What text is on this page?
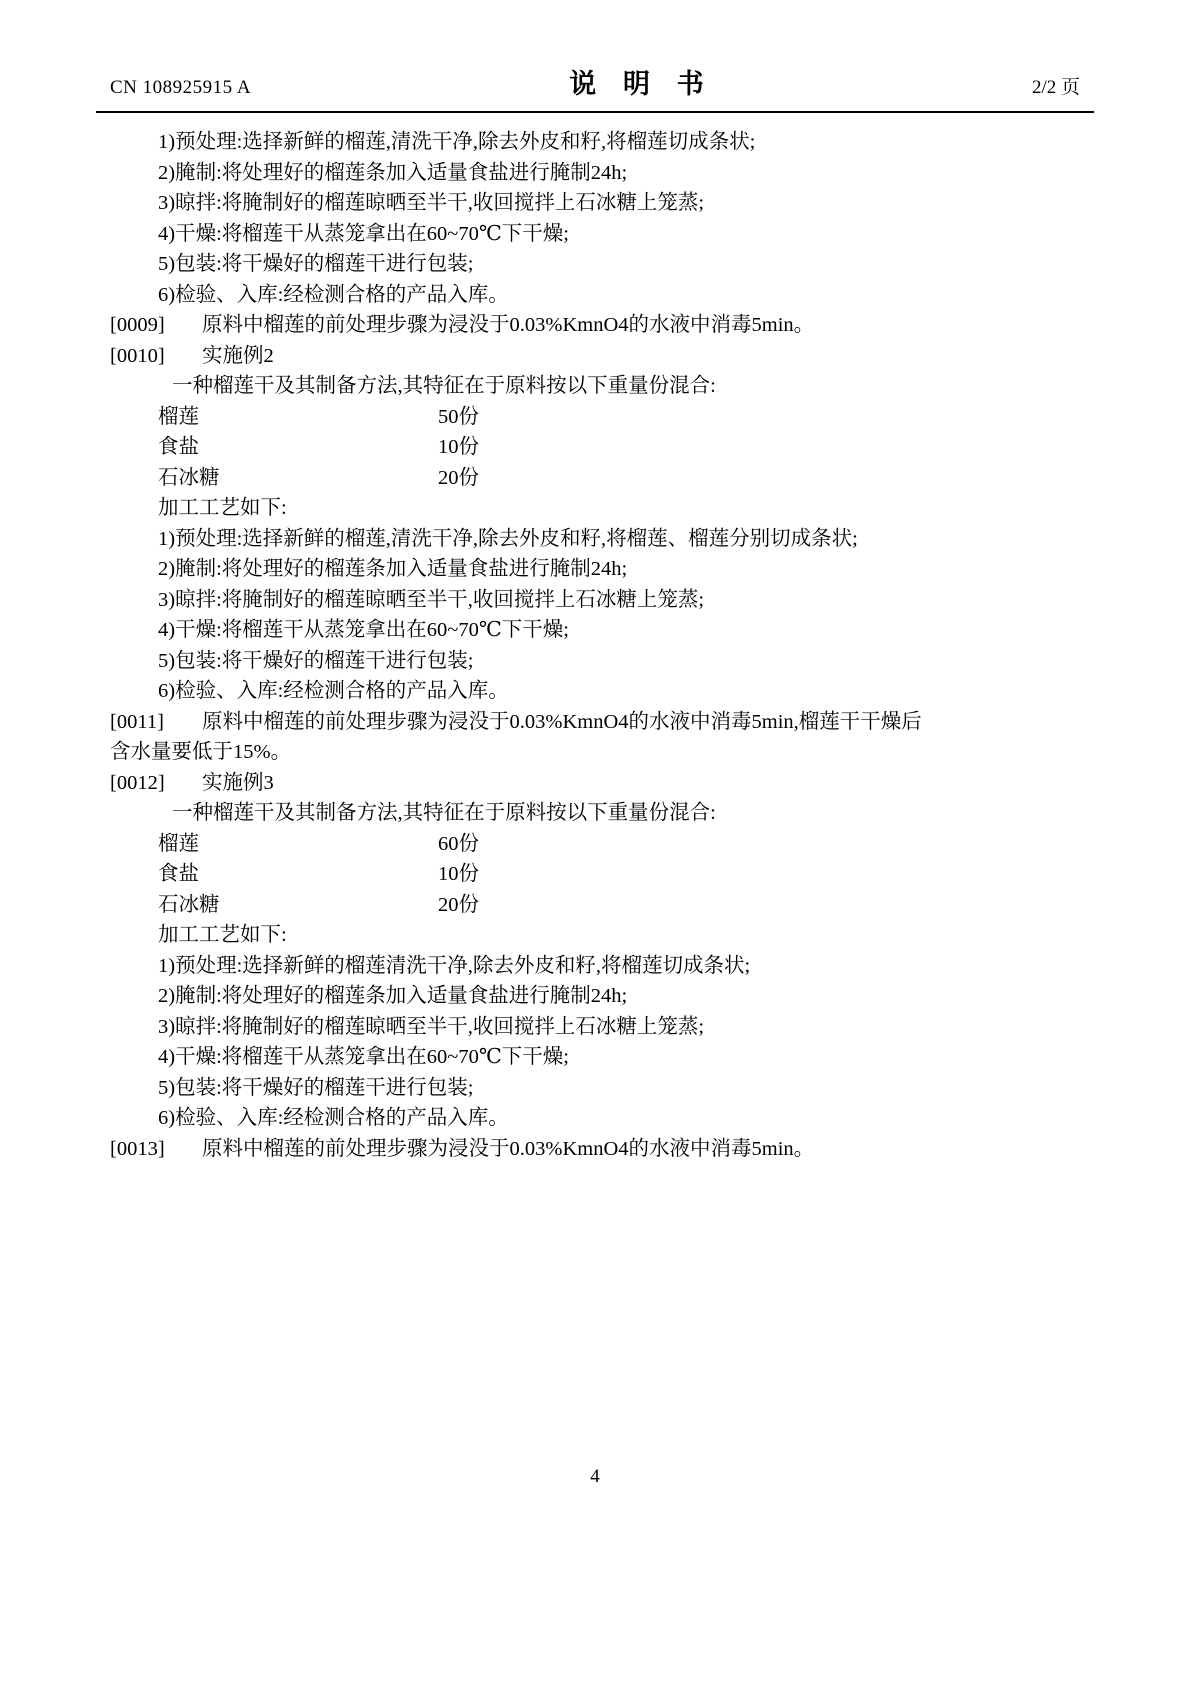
CN 108925915 A	说 明 书	2/2 页
1)预处理:选择新鲜的榴莲,清洗干净,除去外皮和籽,将榴莲切成条状;
2)腌制:将处理好的榴莲条加入适量食盐进行腌制24h;
3)晾拌:将腌制好的榴莲晾晒至半干,收回搅拌上石冰糖上笼蒸;
4)干燥:将榴莲干从蒸笼拿出在60~70℃下干燥;
5)包装:将干燥好的榴莲干进行包装;
6)检验、入库:经检测合格的产品入库。
[0009] 原料中榴莲的前处理步骤为浸没于0.03%KmnO4的水液中消毒5min。
[0010] 实施例2
一种榴莲干及其制备方法,其特征在于原料按以下重量份混合:
榴莲	50份
食盐	10份
石冰糖	20份
加工工艺如下:
1)预处理:选择新鲜的榴莲,清洗干净,除去外皮和籽,将榴莲、榴莲分别切成条状;
2)腌制:将处理好的榴莲条加入适量食盐进行腌制24h;
3)晾拌:将腌制好的榴莲晾晒至半干,收回搅拌上石冰糖上笼蒸;
4)干燥:将榴莲干从蒸笼拿出在60~70℃下干燥;
5)包装:将干燥好的榴莲干进行包装;
6)检验、入库:经检测合格的产品入库。
[0011] 原料中榴莲的前处理步骤为浸没于0.03%KmnO4的水液中消毒5min,榴莲干干燥后
含水量要低于15%。
[0012] 实施例3
一种榴莲干及其制备方法,其特征在于原料按以下重量份混合:
榴莲	60份
食盐	10份
石冰糖	20份
加工工艺如下:
1)预处理:选择新鲜的榴莲清洗干净,除去外皮和籽,将榴莲切成条状;
2)腌制:将处理好的榴莲条加入适量食盐进行腌制24h;
3)晾拌:将腌制好的榴莲晾晒至半干,收回搅拌上石冰糖上笼蒸;
4)干燥:将榴莲干从蒸笼拿出在60~70℃下干燥;
5)包装:将干燥好的榴莲干进行包装;
6)检验、入库:经检测合格的产品入库。
[0013] 原料中榴莲的前处理步骤为浸没于0.03%KmnO4的水液中消毒5min。
4
